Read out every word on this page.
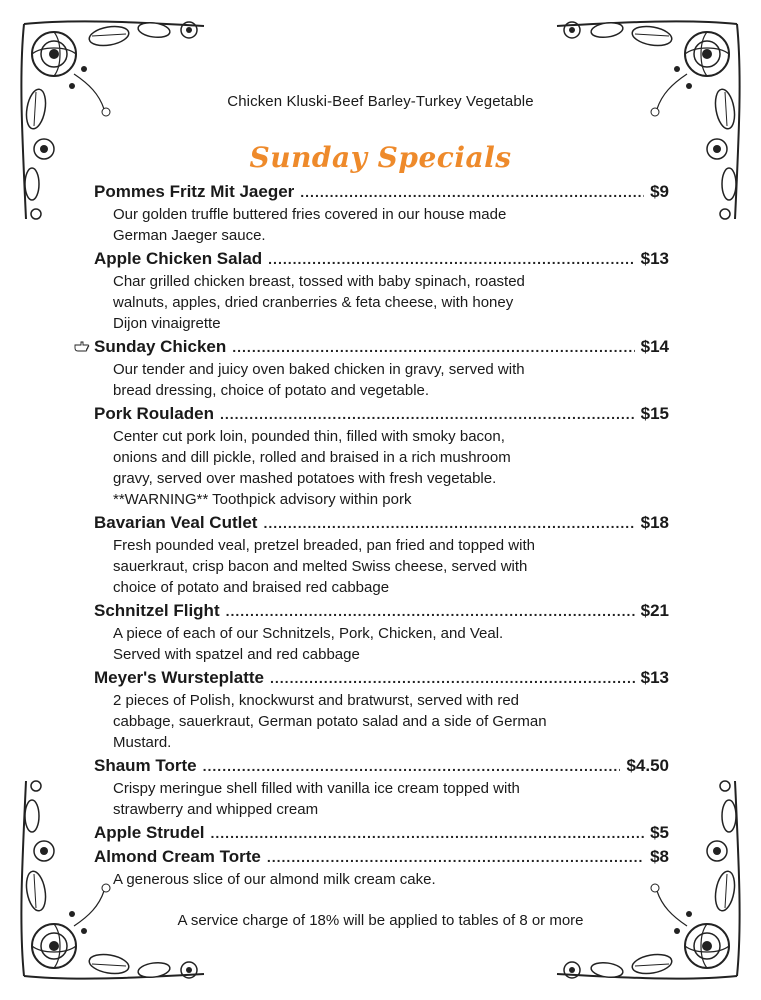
Chicken Kluski-Beef Barley-Turkey Vegetable
Sunday Specials
Pommes Fritz Mit Jaeger .....	$9
Our golden truffle buttered fries covered in our house made
German Jaeger sauce.
Apple Chicken Salad .....	$13
Char grilled chicken breast, tossed with baby spinach, roasted
walnuts, apples, dried cranberries & feta cheese, with honey
Dijon vinaigrette
Sunday Chicken .....	$14
Our tender and juicy oven baked chicken in gravy, served with
bread dressing, choice of potato and vegetable.
Pork Rouladen .....	$15
Center cut pork loin, pounded thin, filled with smoky bacon,
onions and dill pickle, rolled and braised in a rich mushroom
gravy, served over mashed potatoes with fresh vegetable.
**WARNING** Toothpick advisory within pork
Bavarian Veal Cutlet .....	$18
Fresh pounded veal, pretzel breaded, pan fried and topped with
sauerkraut, crisp bacon and melted Swiss cheese, served with
choice of potato and braised red cabbage
Schnitzel Flight .....	$21
A piece of each of our Schnitzels, Pork, Chicken, and Veal.
Served with spatzel and red cabbage
Meyer's Wursteplatte .....	$13
2 pieces of Polish, knockwurst and bratwurst, served with red
cabbage, sauerkraut, German potato salad and a side of German
Mustard.
Shaum Torte .....	$4.50
Crispy meringue shell filled with vanilla ice cream topped with
strawberry and whipped cream
Apple Strudel .....	$5
Almond Cream Torte .....	$8
A generous slice of our almond milk cream cake.
A service charge of 18% will be applied to tables of 8 or more
